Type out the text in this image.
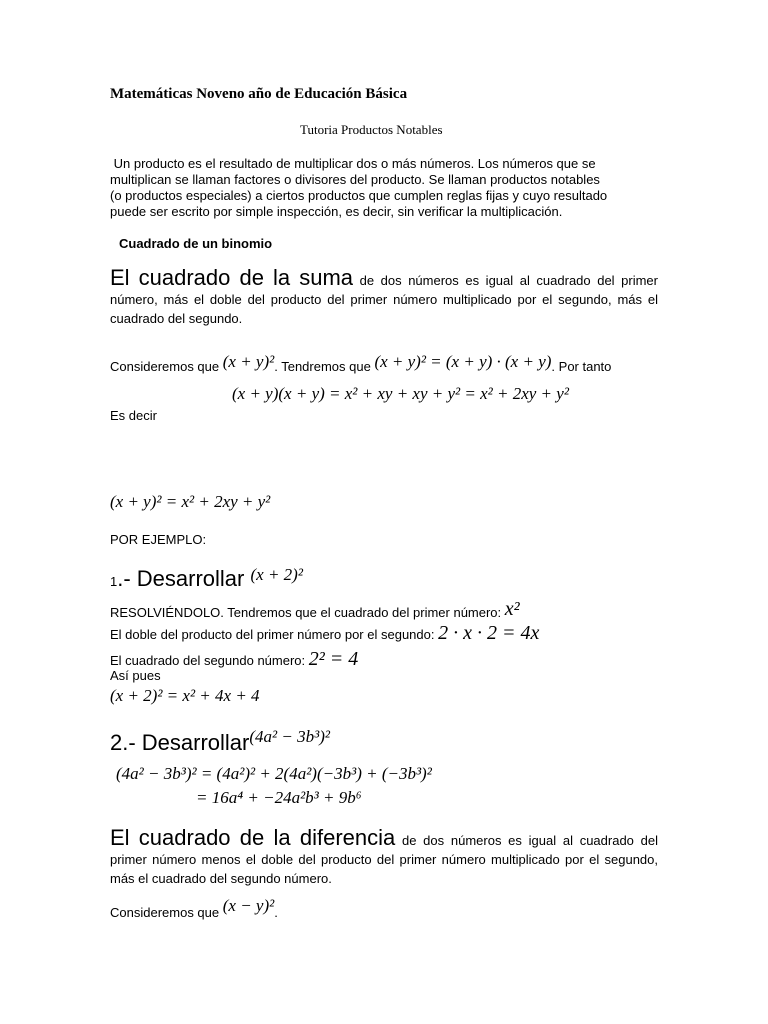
Matemáticas Noveno año de Educación Básica
Tutoria Productos Notables
Un producto es el resultado de multiplicar dos o más números. Los números que se
multiplican se llaman factores o divisores del producto. Se llaman productos notables
(o productos especiales) a ciertos productos que cumplen reglas fijas y cuyo resultado
puede ser escrito por simple inspección, es decir, sin verificar la multiplicación.
Cuadrado de un binomio
El cuadrado de la suma de dos números es igual al cuadrado del primer número, más el doble del producto del primer número multiplicado por el segundo, más el cuadrado del segundo.
Consideremos que (x + y)². Tendremos que (x + y)² = (x + y) · (x + y). Por tanto
(x + y)(x + y) = x² + xy + xy + y² = x² + 2xy + y²
Es decir
(x + y)² = x² + 2xy + y²
POR EJEMPLO:
1.- Desarrollar (x + 2)²
RESOLVIÉNDOLO. Tendremos que el cuadrado del primer número: x²
El doble del producto del primer número por el segundo: 2 · x · 2 = 4x
El cuadrado del segundo número: 2² = 4
Así pues
(x + 2)² = x² + 4x + 4
2.- Desarrollar(4a² − 3b³)²
(4a² − 3b³)² = (4a²)² + 2(4a²)(−3b³) + (−3b³)²
= 16a⁴ + −24a²b³ + 9b⁶
El cuadrado de la diferencia de dos números es igual al cuadrado del primer número menos el doble del producto del primer número multiplicado por el segundo, más el cuadrado del segundo número.
Consideremos que (x − y)².
